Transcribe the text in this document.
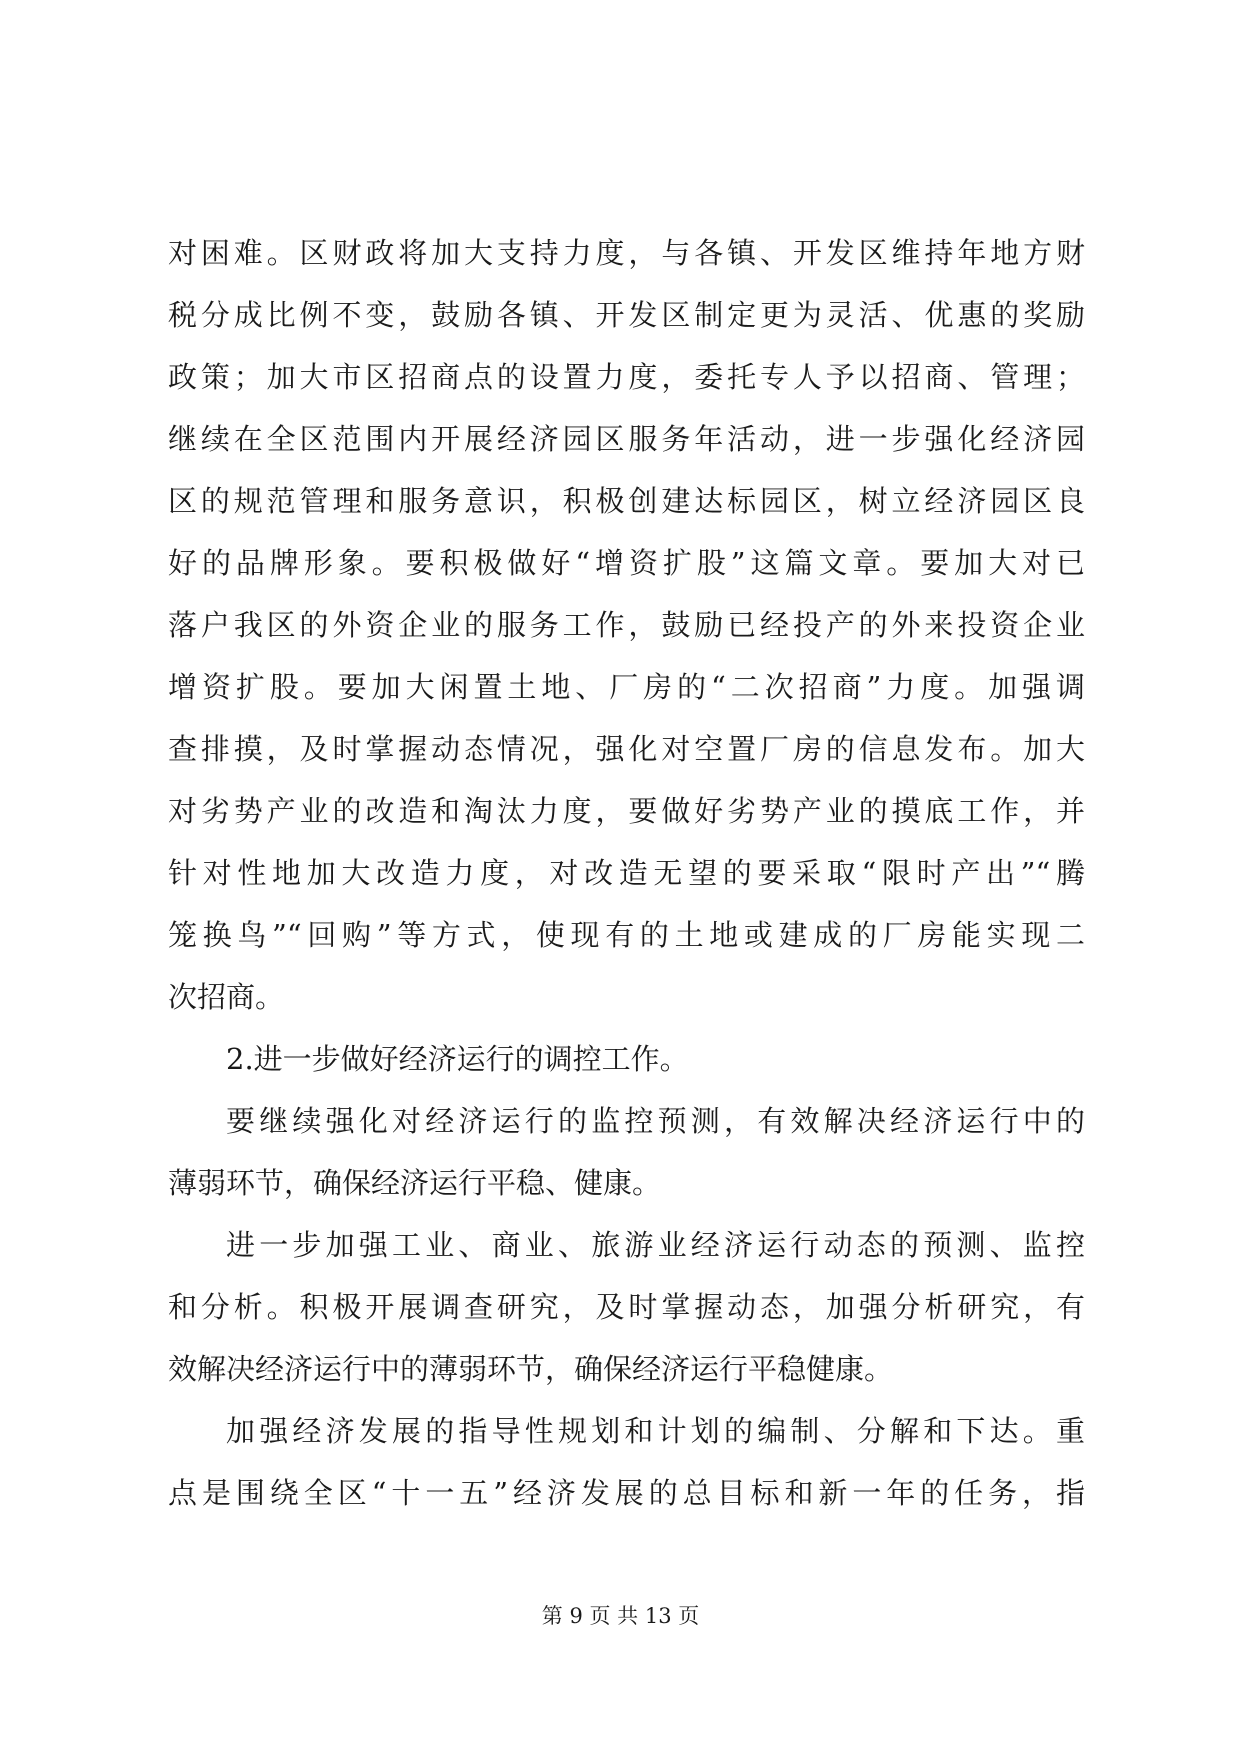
对困难。区财政将加大支持力度，与各镇、开发区维持年地方财
税分成比例不变，鼓励各镇、开发区制定更为灵活、优惠的奖励
政策；加大市区招商点的设置力度，委托专人予以招商、管理；
继续在全区范围内开展经济园区服务年活动，进一步强化经济园
区的规范管理和服务意识，积极创建达标园区，树立经济园区良
好的品牌形象。要积极做好“增资扩股”这篇文章。要加大对已
落户我区的外资企业的服务工作，鼓励已经投产的外来投资企业
增资扩股。要加大闲置土地、厂房的“二次招商”力度。加强调
查排摸，及时掌握动态情况，强化对空置厂房的信息发布。加大
对劣势产业的改造和淘汰力度，要做好劣势产业的摸底工作，并
针对性地加大改造力度，对改造无望的要采取“限时产出”“腾
笼换鸟”“回购”等方式，使现有的土地或建成的厂房能实现二
次招商。
2.进一步做好经济运行的调控工作。
要继续强化对经济运行的监控预测，有效解决经济运行中的
薄弱环节，确保经济运行平稳、健康。
进一步加强工业、商业、旅游业经济运行动态的预测、监控
和分析。积极开展调查研究，及时掌握动态，加强分析研究，有
效解决经济运行中的薄弱环节，确保经济运行平稳健康。
加强经济发展的指导性规划和计划的编制、分解和下达。重
点是围绕全区“十一五”经济发展的总目标和新一年的任务，指
第 9 页 共 13 页
